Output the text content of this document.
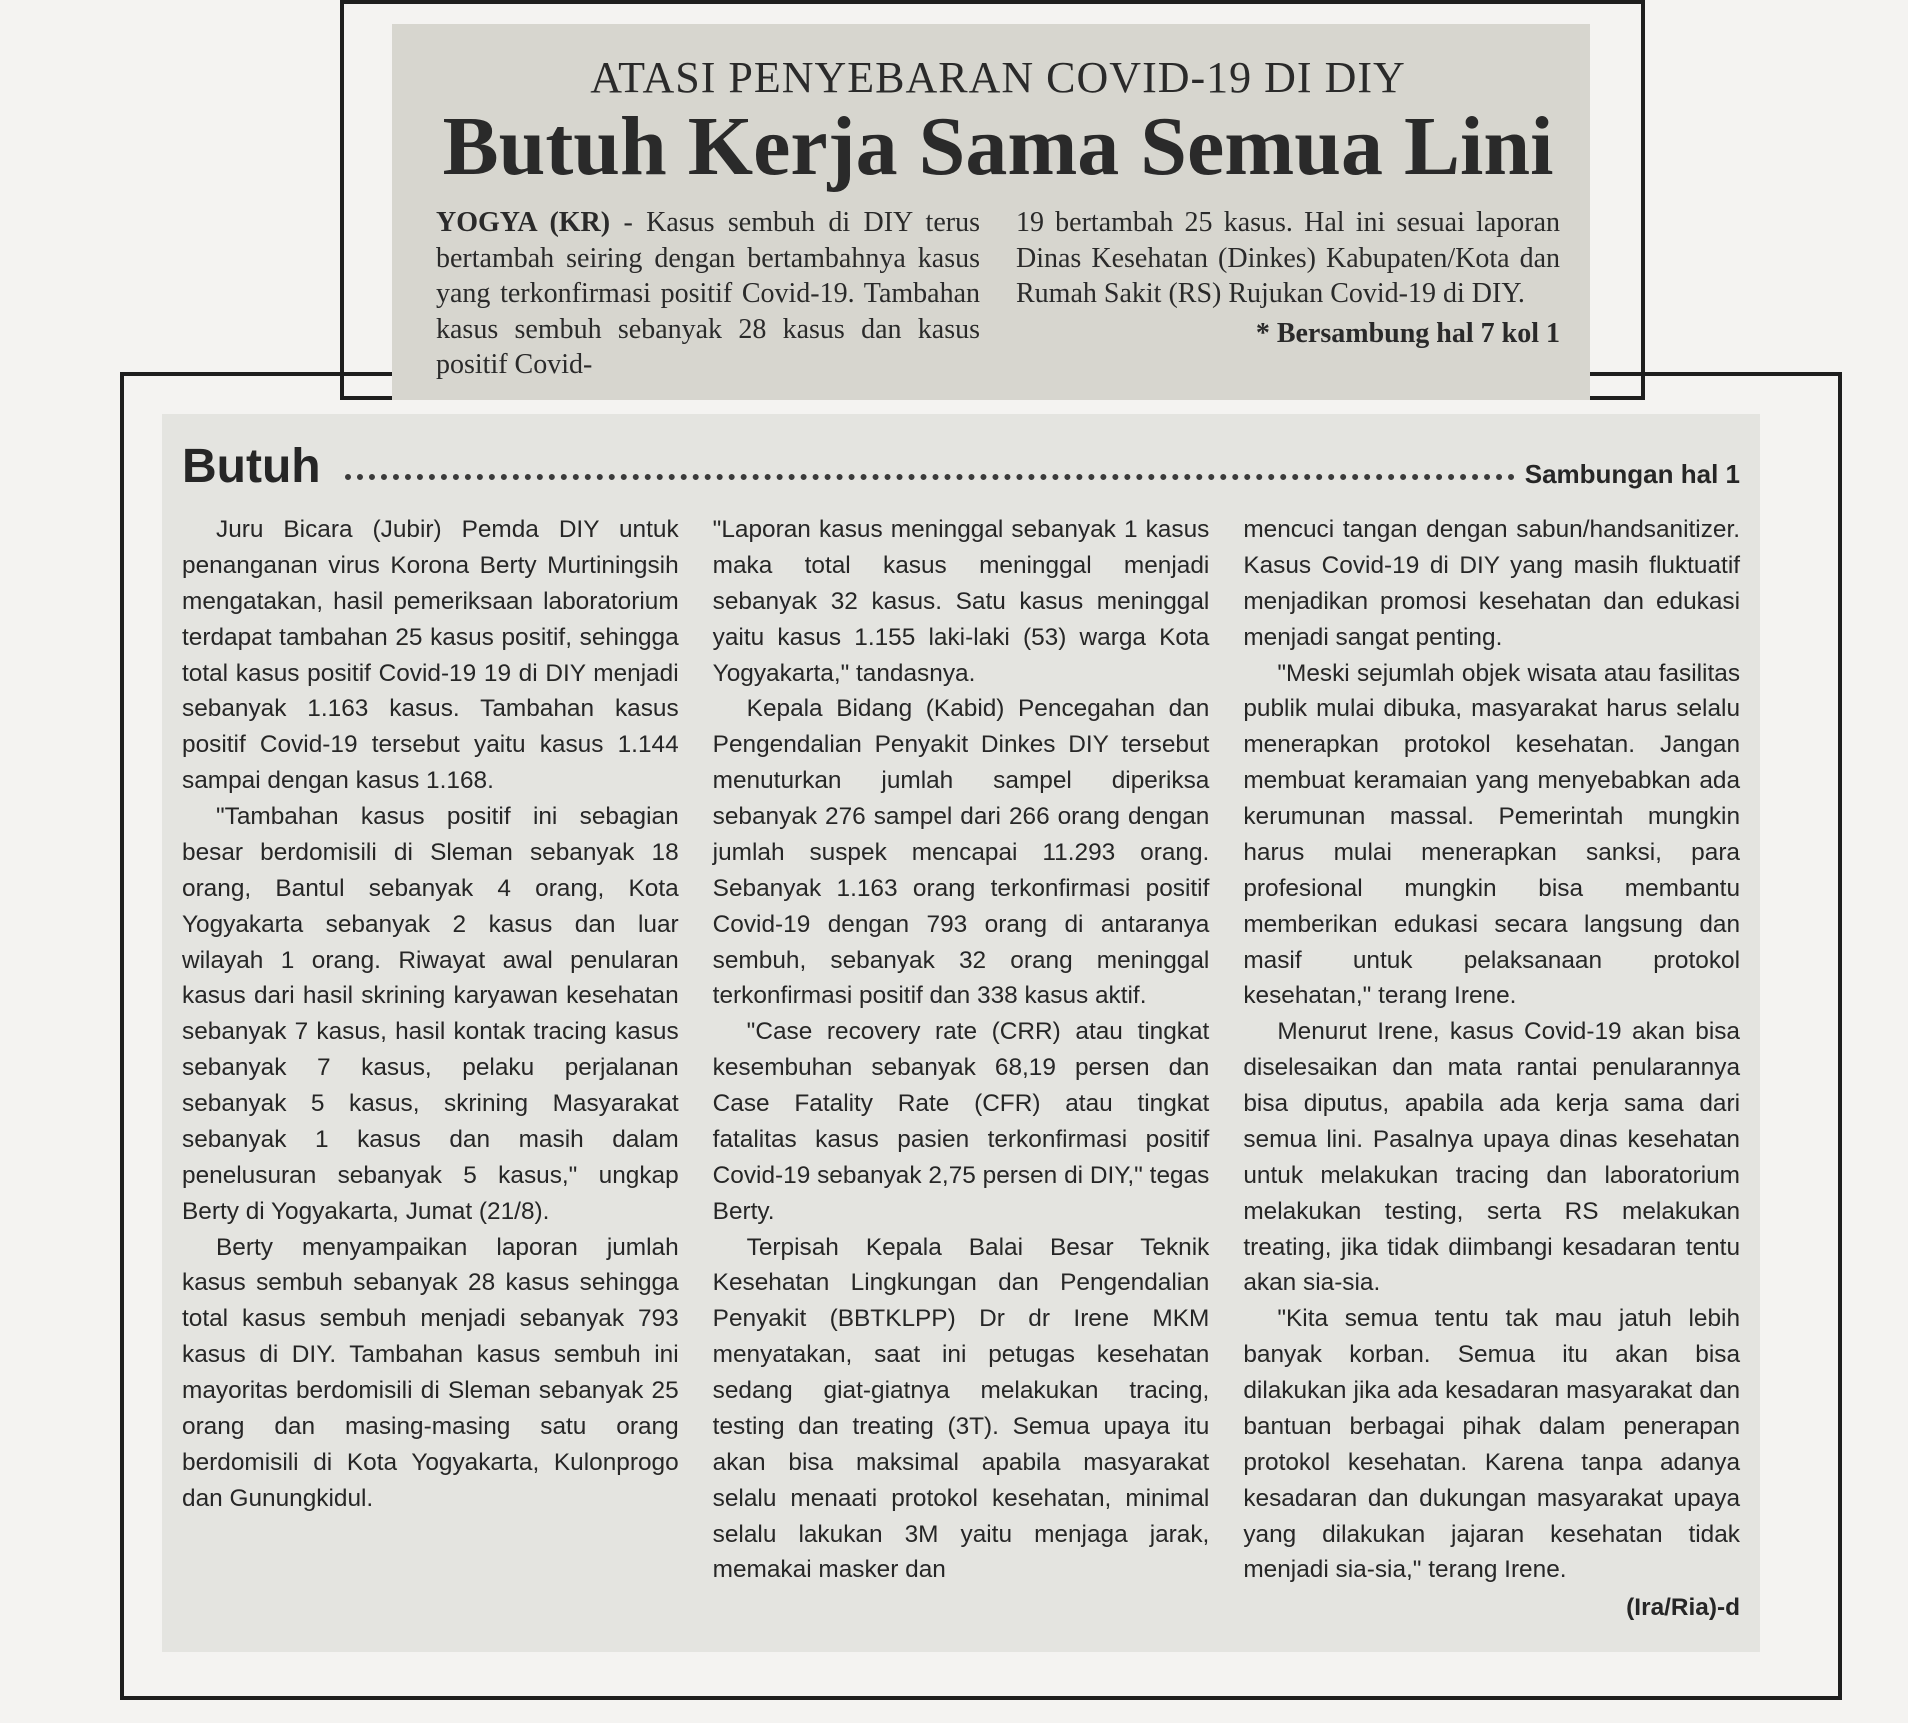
ATASI PENYEBARAN COVID-19 DI DIY
Butuh Kerja Sama Semua Lini
YOGYA (KR) - Kasus sembuh di DIY terus bertambah seiring dengan bertambahnya kasus yang terkonfirmasi positif Covid-19. Tambahan kasus sembuh sebanyak 28 kasus dan kasus positif Covid-
19 bertambah 25 kasus. Hal ini sesuai laporan Dinas Kesehatan (Dinkes) Kabupaten/Kota dan Rumah Sakit (RS) Rujukan Covid-19 di DIY.
* Bersambung hal 7 kol 1
Butuh	Sambungan hal 1

Juru Bicara (Jubir) Pemda DIY untuk penanganan virus Korona Berty Murtiningsih mengatakan, hasil pemeriksaan laboratorium terdapat tambahan 25 kasus positif, sehingga total kasus positif Covid-19 19 di DIY menjadi sebanyak 1.163 kasus. Tambahan kasus positif Covid-19 tersebut yaitu kasus 1.144 sampai dengan kasus 1.168.

"Tambahan kasus positif ini sebagian besar berdomisili di Sleman sebanyak 18 orang, Bantul sebanyak 4 orang, Kota Yogyakarta sebanyak 2 kasus dan luar wilayah 1 orang. Riwayat awal penularan kasus dari hasil skrining karyawan kesehatan sebanyak 7 kasus, hasil kontak tracing kasus sebanyak 7 kasus, pelaku perjalanan sebanyak 5 kasus, skrining Masyarakat sebanyak 1 kasus dan masih dalam penelusuran sebanyak 5 kasus," ungkap Berty di Yogyakarta, Jumat (21/8).

Berty menyampaikan laporan jumlah kasus sembuh sebanyak 28 kasus sehingga total kasus sembuh menjadi sebanyak 793 kasus di DIY. Tambahan kasus sembuh ini mayoritas berdomisili di Sleman sebanyak 25 orang dan masing-masing satu orang berdomisili di Kota Yogyakarta, Kulonprogo dan Gunungkidul.

"Laporan kasus meninggal sebanyak 1 kasus maka total kasus meninggal menjadi sebanyak 32 kasus. Satu kasus meninggal yaitu kasus 1.155 laki-laki (53) warga Kota Yogyakarta," tandasnya.

Kepala Bidang (Kabid) Pencegahan dan Pengendalian Penyakit Dinkes DIY tersebut menuturkan jumlah sampel diperiksa sebanyak 276 sampel dari 266 orang dengan jumlah suspek mencapai 11.293 orang. Sebanyak 1.163 orang terkonfirmasi positif Covid-19 dengan 793 orang di antaranya sembuh, sebanyak 32 orang meninggal terkonfirmasi positif dan 338 kasus aktif.

"Case recovery rate (CRR) atau tingkat kesembuhan sebanyak 68,19 persen dan Case Fatality Rate (CFR) atau tingkat fatalitas kasus pasien terkonfirmasi positif Covid-19 sebanyak 2,75 persen di DIY," tegas Berty.

Terpisah Kepala Balai Besar Teknik Kesehatan Lingkungan dan Pengendalian Penyakit (BBTKLPP) Dr dr Irene MKM menyatakan, saat ini petugas kesehatan sedang giat-giatnya melakukan tracing, testing dan treating (3T). Semua upaya itu akan bisa maksimal apabila masyarakat selalu menaati protokol kesehatan, minimal selalu lakukan 3M yaitu menjaga jarak, memakai masker dan

mencuci tangan dengan sabun/handsanitizer. Kasus Covid-19 di DIY yang masih fluktuatif menjadikan promosi kesehatan dan edukasi menjadi sangat penting.

"Meski sejumlah objek wisata atau fasilitas publik mulai dibuka, masyarakat harus selalu menerapkan protokol kesehatan. Jangan membuat keramaian yang menyebabkan ada kerumunan massal. Pemerintah mungkin harus mulai menerapkan sanksi, para profesional mungkin bisa membantu memberikan edukasi secara langsung dan masif untuk pelaksanaan protokol kesehatan," terang Irene.

Menurut Irene, kasus Covid-19 akan bisa diselesaikan dan mata rantai penularannya bisa diputus, apabila ada kerja sama dari semua lini. Pasalnya upaya dinas kesehatan untuk melakukan tracing dan laboratorium melakukan testing, serta RS melakukan treating, jika tidak diimbangi kesadaran tentu akan sia-sia.

"Kita semua tentu tak mau jatuh lebih banyak korban. Semua itu akan bisa dilakukan jika ada kesadaran masyarakat dan bantuan berbagai pihak dalam penerapan protokol kesehatan. Karena tanpa adanya kesadaran dan dukungan masyarakat upaya yang dilakukan jajaran kesehatan tidak menjadi sia-sia," terang Irene.

(Ira/Ria)-d
